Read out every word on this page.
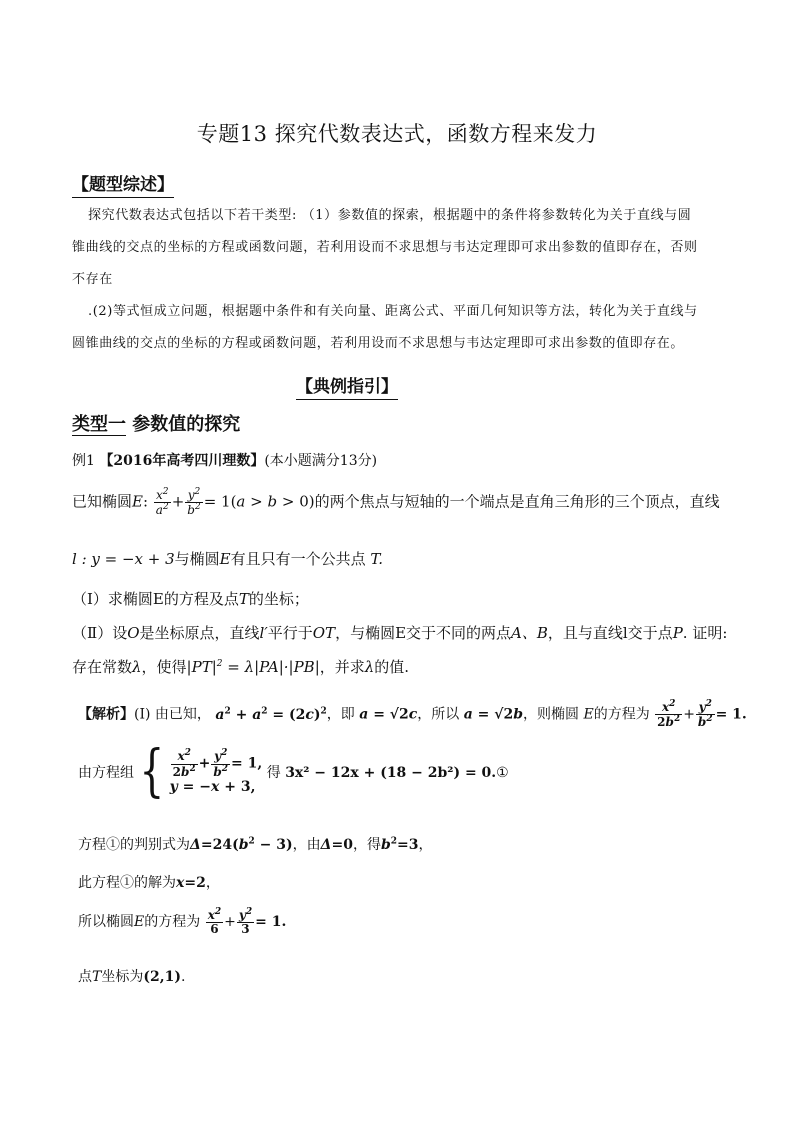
专题13 探究代数表达式，函数方程来发力
【题型综述】
探究代数表达式包括以下若干类型: （1）参数值的探索，根据题中的条件将参数转化为关于直线与圆
锥曲线的交点的坐标的方程或函数问题，若利用设而不求思想与韦达定理即可求出参数的值即存在，否则
不存在
.(2)等式恒成立问题，根据题中条件和有关向量、距离公式、平面几何知识等方法，转化为关于直线与
圆锥曲线的交点的坐标的方程或函数问题，若利用设而不求思想与韦达定理即可求出参数的值即存在。
【典例指引】
类型一 参数值的探究
例1 【2016年高考四川理数】(本小题满分13分)
已知椭圆E: $\frac{x^2}{a^2} + \frac{y^2}{b^2} = 1(a > b > 0)$的两个焦点与短轴的一个端点是直角三角形的三个顶点，直线
l : y = −x + 3与椭圆E有且只有一个公共点 T.
（Ⅰ）求椭圆E的方程及点T的坐标；
（Ⅱ）设O是坐标原点，直线l′平行于OT，与椭圆E交于不同的两点A、B，且与直线l交于点P. 证明:
存在常数λ，使得$|PT|^2 = \lambda|PA|\cdot|PB|$，并求λ的值.
【解析】(Ⅰ) 由已知， $a^2 + a^2 = (2c)^2$，即 a = √2c，所以 a = √2b，则椭圆 E的方程为 $\frac{x^2}{2b^2} + \frac{y^2}{b^2} = 1$.
由方程组{ $\frac{x^2}{2b^2} + \frac{y^2}{b^2} = 1$,
y = −x + 3,
得 3x² − 12x + (18 − 2b²) = 0.①
方程①的判别式为$\Delta=24(b^2 - 3)$，由Δ=0，得$b^2=3$，
此方程①的解为x=2，
所以椭圆E的方程为 $\frac{x^2}{6} + \frac{y^2}{3} = 1$.
点T坐标为(2,1).
